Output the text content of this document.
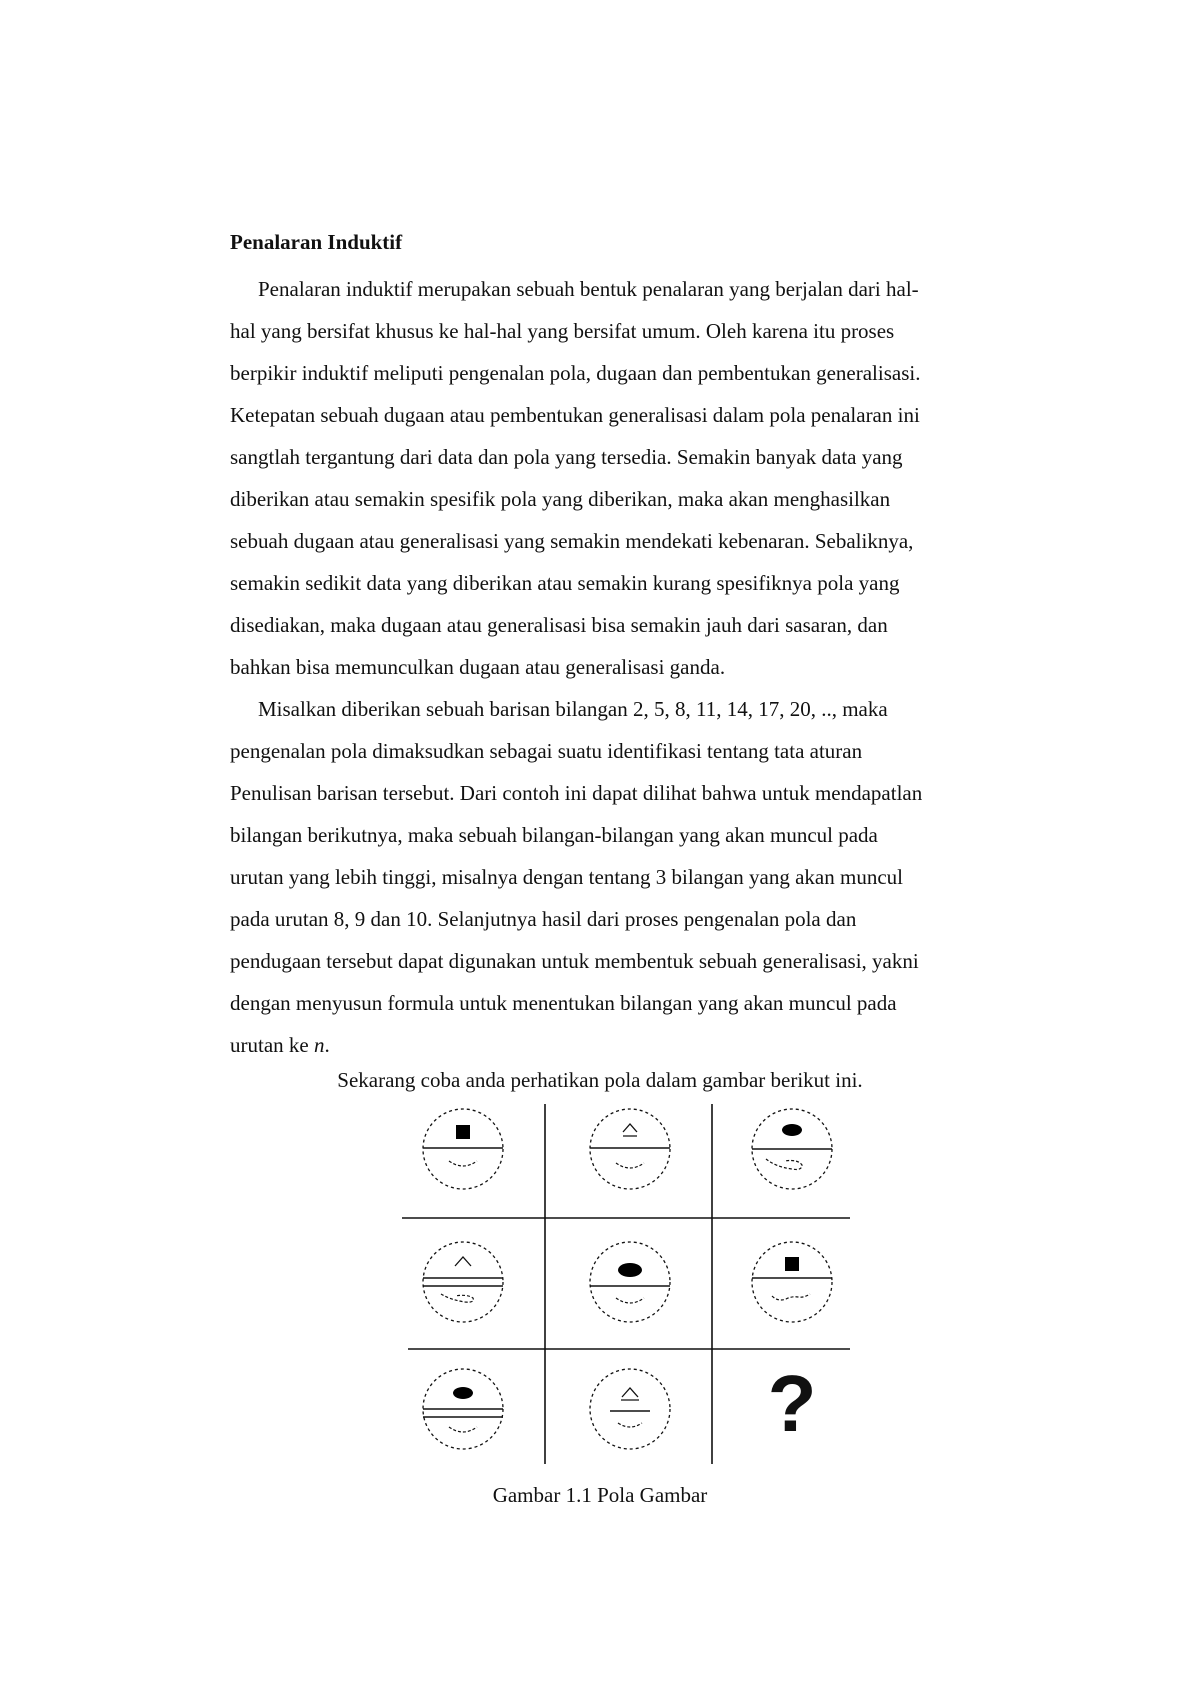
Penalaran Induktif

Penalaran induktif merupakan sebuah bentuk penalaran yang berjalan dari hal-
hal yang bersifat khusus ke hal-hal yang bersifat umum. Oleh karena itu proses
berpikir induktif meliputi pengenalan pola, dugaan dan pembentukan generalisasi.
Ketepatan sebuah dugaan atau pembentukan generalisasi dalam pola penalaran ini
sangtlah tergantung dari data dan pola yang tersedia. Semakin banyak data yang
diberikan atau semakin spesifik pola yang diberikan, maka akan menghasilkan
sebuah dugaan atau generalisasi yang semakin mendekati kebenaran. Sebaliknya,
semakin sedikit data yang diberikan atau semakin kurang spesifiknya pola yang
disediakan, maka dugaan atau generalisasi bisa semakin jauh dari sasaran, dan
bahkan bisa memunculkan dugaan atau generalisasi ganda.

Misalkan diberikan sebuah barisan bilangan 2, 5, 8, 11, 14, 17, 20, .., maka
pengenalan pola dimaksudkan sebagai suatu identifikasi tentang tata aturan
Penulisan barisan tersebut. Dari contoh ini dapat dilihat bahwa untuk mendapatlan
bilangan berikutnya, maka sebuah bilangan-bilangan yang akan muncul pada
urutan yang lebih tinggi, misalnya dengan tentang 3 bilangan yang akan muncul
pada urutan 8, 9 dan 10. Selanjutnya hasil dari proses pengenalan pola dan
pendugaan tersebut dapat digunakan untuk membentuk sebuah generalisasi, yakni
dengan menyusun formula untuk menentukan bilangan yang akan muncul pada
urutan ke n.

Sekarang coba anda perhatikan pola dalam gambar berikut ini.

?

Gambar 1.1 Pola Gambar
